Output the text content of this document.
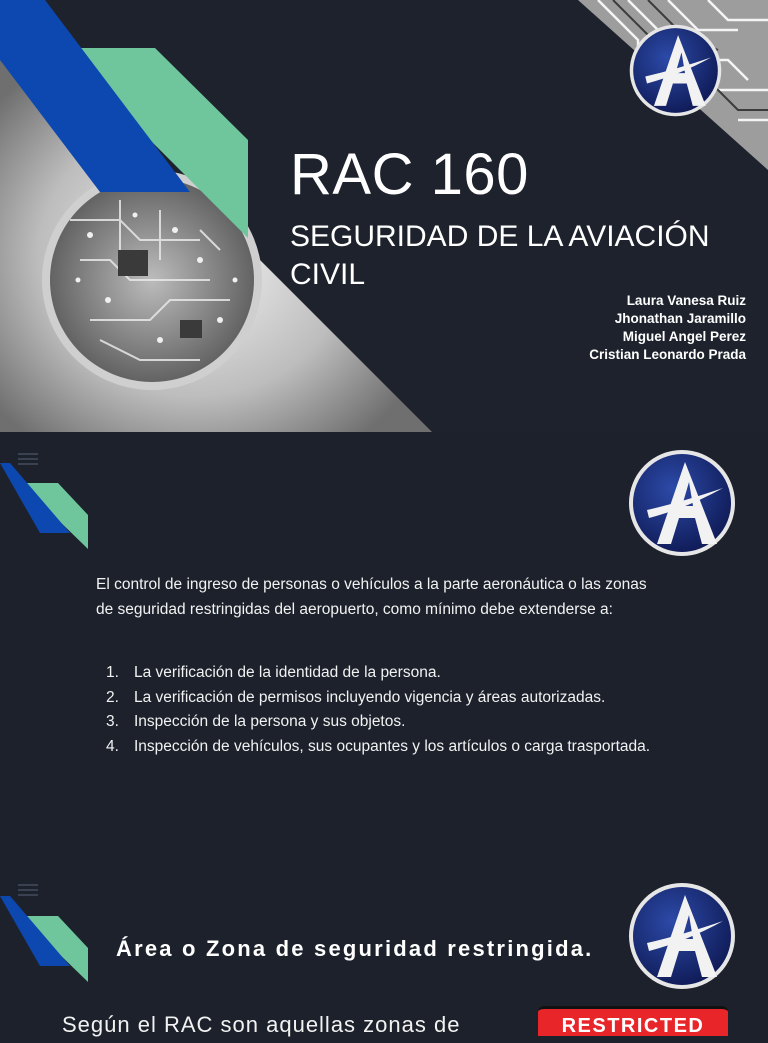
RAC 160
SEGURIDAD DE LA AVIACIÓN CIVIL
Laura Vanesa Ruiz
Jhonathan Jaramillo
Miguel Angel Perez
Cristian Leonardo Prada

El control de ingreso de personas o vehículos a la parte aeronáutica o las zonas de seguridad restringidas del aeropuerto, como mínimo debe extenderse a:

1. La verificación de la identidad de la persona.
2. La verificación de permisos incluyendo vigencia y áreas autorizadas.
3. Inspección de la persona y sus objetos.
4. Inspección de vehículos, sus ocupantes y los artículos o carga trasportada.
Área o Zona de seguridad restringida.

Según el RAC son aquellas zonas de	RESTRICTED
